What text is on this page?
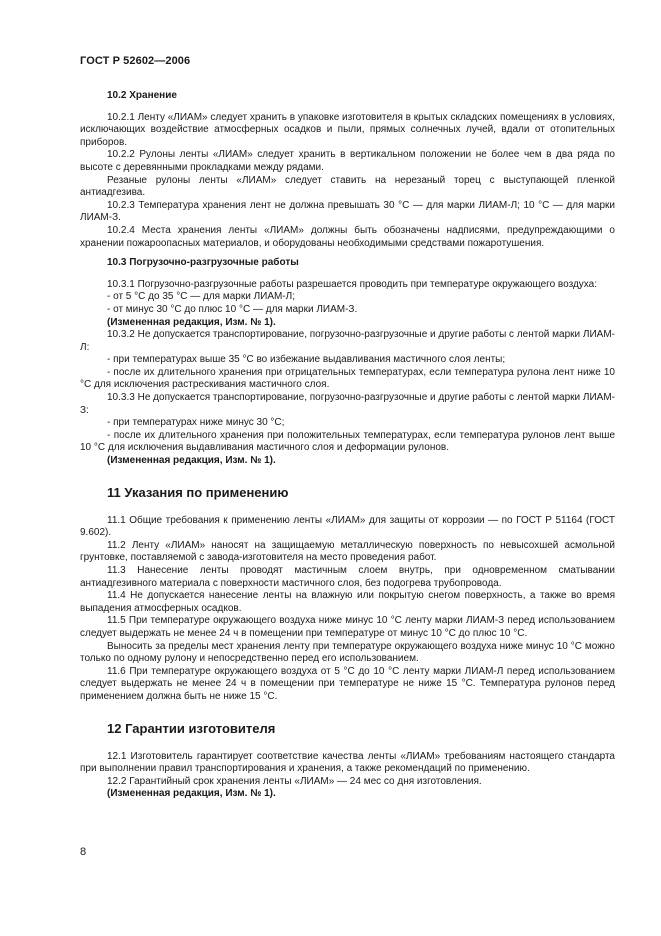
ГОСТ Р 52602—2006

10.2 Хранение

10.2.1 Ленту «ЛИАМ» следует хранить в упаковке изготовителя в крытых складских помещениях в условиях, исключающих воздействие атмосферных осадков и пыли, прямых солнечных лучей, вдали от отопительных приборов.

10.2.2 Рулоны ленты «ЛИАМ» следует хранить в вертикальном положении не более чем в два ряда по высоте с деревянными прокладками между рядами.

Резаные рулоны ленты «ЛИАМ» следует ставить на нерезаный торец с выступающей пленкой антиадгезива.

10.2.3 Температура хранения лент не должна превышать 30 °С — для марки ЛИАМ-Л; 10 °С — для марки ЛИАМ-З.

10.2.4 Места хранения ленты «ЛИАМ» должны быть обозначены надписями, предупреждающими о хранении пожароопасных материалов, и оборудованы необходимыми средствами пожаротушения.

10.3 Погрузочно-разгрузочные работы

10.3.1 Погрузочно-разгрузочные работы разрешается проводить при температуре окружающего воздуха:

- от 5 °С до 35 °С — для марки ЛИАМ-Л;

- от минус 30 °С до плюс 10 °С — для марки ЛИАМ-З.

(Измененная редакция, Изм. № 1).

10.3.2 Не допускается транспортирование, погрузочно-разгрузочные и другие работы с лентой марки ЛИАМ-Л:

- при температурах выше 35 °С во избежание выдавливания мастичного слоя ленты;

- после их длительного хранения при отрицательных температурах, если температура рулона лент ниже 10 °С для исключения растрескивания мастичного слоя.

10.3.3 Не допускается транспортирование, погрузочно-разгрузочные и другие работы с лентой марки ЛИАМ-З:

- при температурах ниже минус 30 °С;

- после их длительного хранения при положительных температурах, если температура рулонов лент выше 10 °С для исключения выдавливания мастичного слоя и деформации рулонов.

(Измененная редакция, Изм. № 1).

11 Указания по применению

11.1 Общие требования к применению ленты «ЛИАМ» для защиты от коррозии — по ГОСТ Р 51164 (ГОСТ 9.602).

11.2 Ленту «ЛИАМ» наносят на защищаемую металлическую поверхность по невысохшей асмольной грунтовке, поставляемой с завода-изготовителя на место проведения работ.

11.3 Нанесение ленты проводят мастичным слоем внутрь, при одновременном сматывании антиадгезивного материала с поверхности мастичного слоя, без подогрева трубопровода.

11.4 Не допускается нанесение ленты на влажную или покрытую снегом поверхность, а также во время выпадения атмосферных осадков.

11.5 При температуре окружающего воздуха ниже минус 10 °С ленту марки ЛИАМ-З перед использованием следует выдержать не менее 24 ч в помещении при температуре от минус 10 °С до плюс 10 °С.

Выносить за пределы мест хранения ленту при температуре окружающего воздуха ниже минус 10 °С можно только по одному рулону и непосредственно перед его использованием.

11.6 При температуре окружающего воздуха от 5 °С до 10 °С ленту марки ЛИАМ-Л перед использованием следует выдержать не менее 24 ч в помещении при температуре не ниже 15 °С. Температура рулонов перед применением должна быть не ниже 15 °С.

12 Гарантии изготовителя

12.1 Изготовитель гарантирует соответствие качества ленты «ЛИАМ» требованиям настоящего стандарта при выполнении правил транспортирования и хранения, а также рекомендаций по применению.

12.2 Гарантийный срок хранения ленты «ЛИАМ» — 24 мес со дня изготовления.

(Измененная редакция, Изм. № 1).

8
